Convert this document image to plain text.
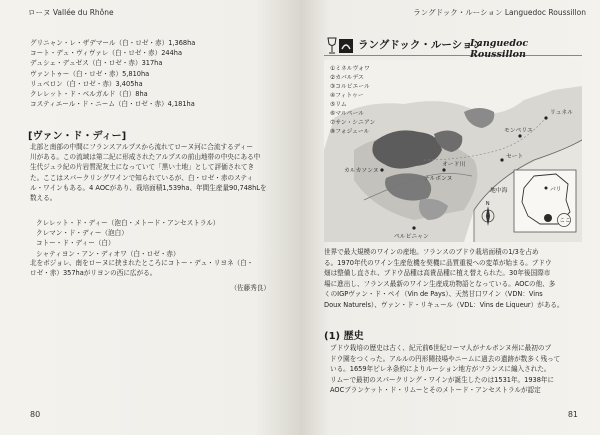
ローヌ Vallée du Rhône
グリニャン・レ・ザデマール（白・ロゼ・赤）1,368ha
コート・デュ・ヴィヴァレ（白・ロゼ・赤）244ha
デュシェ・デュゼス（白・ロゼ・赤）317ha
ヴァントゥー（白・ロゼ・赤）5,810ha
リュベロン（白・ロゼ・赤）3,405ha
クレレット・ド・ベルガルド（白）8ha
コスティエール・ド・ニーム（白・ロゼ・赤）4,181ha
[ヴァン・ド・ディー]
北部と南部の中間にフランスアルプスから流れてローヌ河に合流するディー
川がある。この流域は第二紀に形成されたアルプスの前山地帯の中央にある中
生代ジュラ紀の片岩質泥灰土になっていて「黒い土地」として評価されてき
た。ここはスパークリングワインで知られているが、白・ロゼ・赤のスティ
ル・ワインもある。4 AOCがあり、栽培面積1,539ha、年間生産量90,748hLを
数える。
クレレット・ド・ディー（泡白・メトード・アンセストラル）
クレマン・ド・ディー（泡白）
コトー・ド・ディー（白）
シャティヨン・アン・ディオワ（白・ロゼ・赤）
北をボジョレ、南をローヌに挟まれたところにコトー・デュ・リヨネ（白・
ロゼ・赤）357haがリヨンの西に広がる。
（佐藤秀良）
80
ラングドック・ルーション Languedoc Roussillon
ラングドック・ルーション
Languedoc Roussillon
①ミネルヴォワ
②カバルデス
③コルビエール
④フィトゥー
⑤リム
⑥マルペール
⑦サン・シニアン
⑧フォジェール
リュネル
モンペリエ
セート
ナルボンヌ
オード川
カルカソンヌ
地中海
ペルピニャン
N
パリ
ここ
世界で最大規模のワインの産地。フランスのブドウ栽培面積の1/3を占め
る。1970年代のワイン生産危機を契機に品質重視への変革が始まる。ブドウ
畑は整備し直され、ブドウ品種は高貴品種に植え替えられた。30年後国際市
場に進出し、フランス最新のワイン生産成功物語となっている。AOCの他、多
くのIGPヴァン・ド・ペイ（Vin de Pays）、天然甘口ワイン（VDN：Vins
Doux Naturels）、ヴァン・ド・リキュール（VDL：Vins de Liqueur）がある。
(1) 歴史
ブドウ栽培の歴史は古く、紀元前6世紀ローマ人がナルボンヌ州に最初のブ
ドウ園をつくった。アルルの円形闘技場やニームに過去の遺跡が数多く残って
いる。1659年ピレネ条約によりルーション地方がフランスに編入された。
リムーで最初のスパークリング・ワインが誕生したのは1531年。1938年に
AOCブランケット・ド・リムーとそのメトード・アンセストラルが認定
81
